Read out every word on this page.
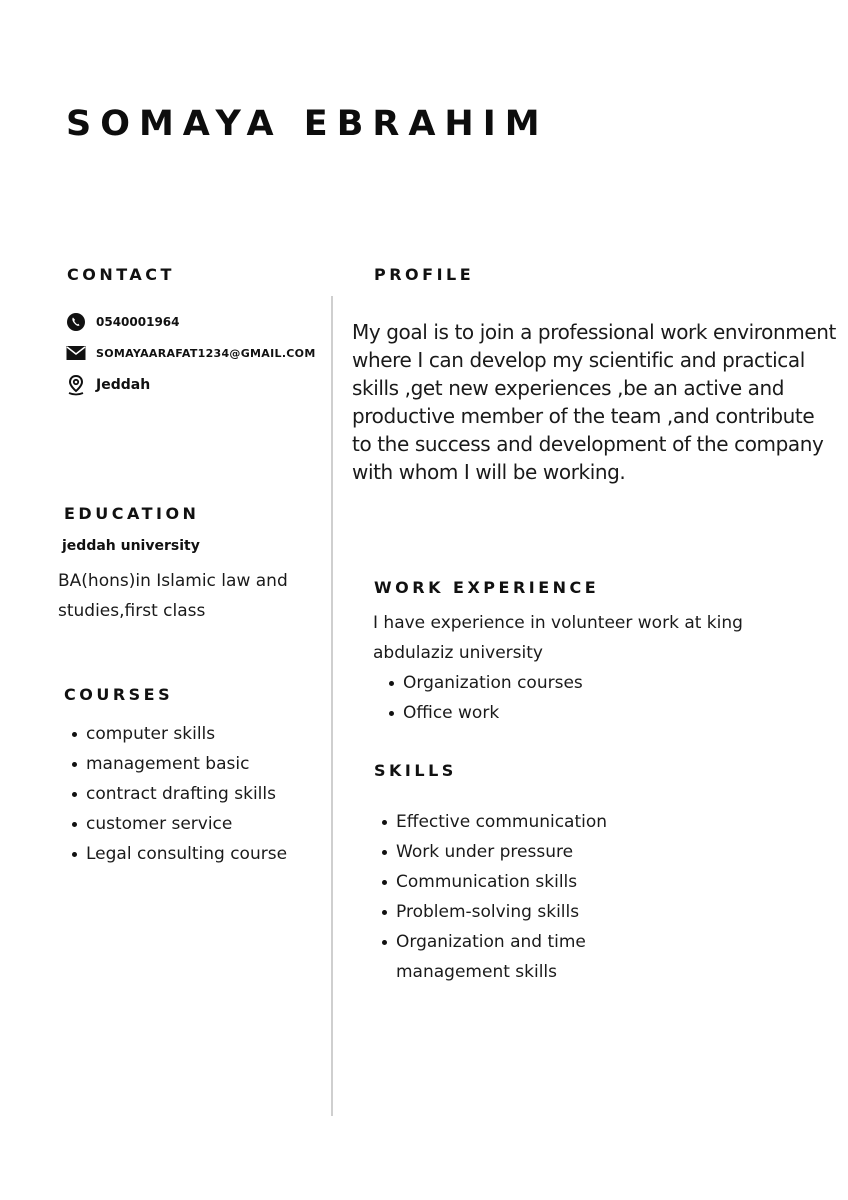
SOMAYA EBRAHIM
CONTACT
0540001964
SOMAYAARAFAT1234@GMAIL.COM
Jeddah
EDUCATION
jeddah university
BA(hons)in Islamic law and studies,first class
COURSES
computer skills
management basic
contract drafting skills
customer service
Legal consulting course
PROFILE
My goal is to join a professional work environment where I can develop my scientific and practical skills ,get new experiences ,be an active and productive member of the team ,and contribute to the success and development of the company with whom I will be working.
WORK EXPERIENCE
I have experience in volunteer work at king abdulaziz university
Organization courses
Office work
SKILLS
Effective communication
Work under pressure
Communication skills
Problem-solving skills
Organization and time management skills
